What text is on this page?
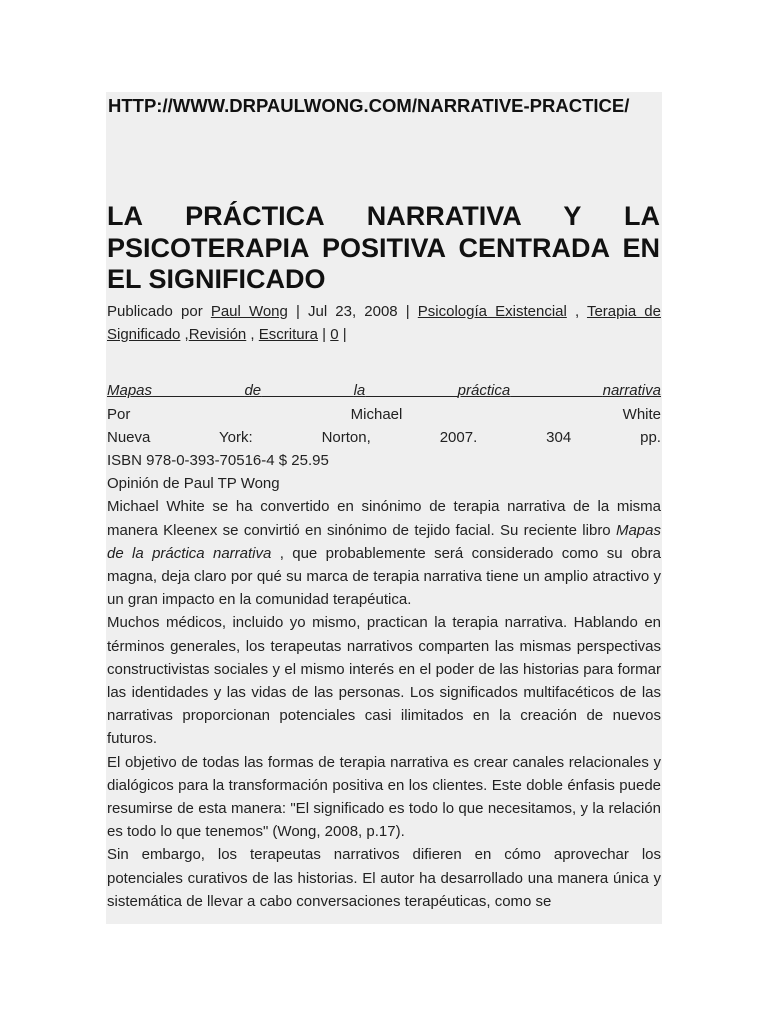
HTTP://WWW.DRPAULWONG.COM/NARRATIVE-PRACTICE/
LA PRÁCTICA NARRATIVA Y LA PSICOTERAPIA POSITIVA CENTRADA EN EL SIGNIFICADO

Publicado por Paul Wong | Jul 23, 2008 | Psicología Existencial , Terapia de Significado ,Revisión , Escritura | 0 |

Mapas	de	la	práctica	narrativa

Por	Michael	White

Nueva	York:	Norton,	2007.	304	pp.

ISBN 978-0-393-70516-4 $ 25.95

Opinión de Paul TP Wong

Michael White se ha convertido en sinónimo de terapia narrativa de la misma manera Kleenex se convirtió en sinónimo de tejido facial. Su reciente libro Mapas de la práctica narrativa , que probablemente será considerado como su obra magna, deja claro por qué su marca de terapia narrativa tiene un amplio atractivo y un gran impacto en la comunidad terapéutica.

Muchos médicos, incluido yo mismo, practican la terapia narrativa. Hablando en términos generales, los terapeutas narrativos comparten las mismas perspectivas constructivistas sociales y el mismo interés en el poder de las historias para formar las identidades y las vidas de las personas. Los significados multifacéticos de las narrativas proporcionan potenciales casi ilimitados en la creación de nuevos futuros.

El objetivo de todas las formas de terapia narrativa es crear canales relacionales y dialógicos para la transformación positiva en los clientes. Este doble énfasis puede resumirse de esta manera: "El significado es todo lo que necesitamos, y la relación es todo lo que tenemos" (Wong, 2008, p.17).

Sin embargo, los terapeutas narrativos difieren en cómo aprovechar los potenciales curativos de las historias. El autor ha desarrollado una manera única y sistemática de llevar a cabo conversaciones terapéuticas, como se
